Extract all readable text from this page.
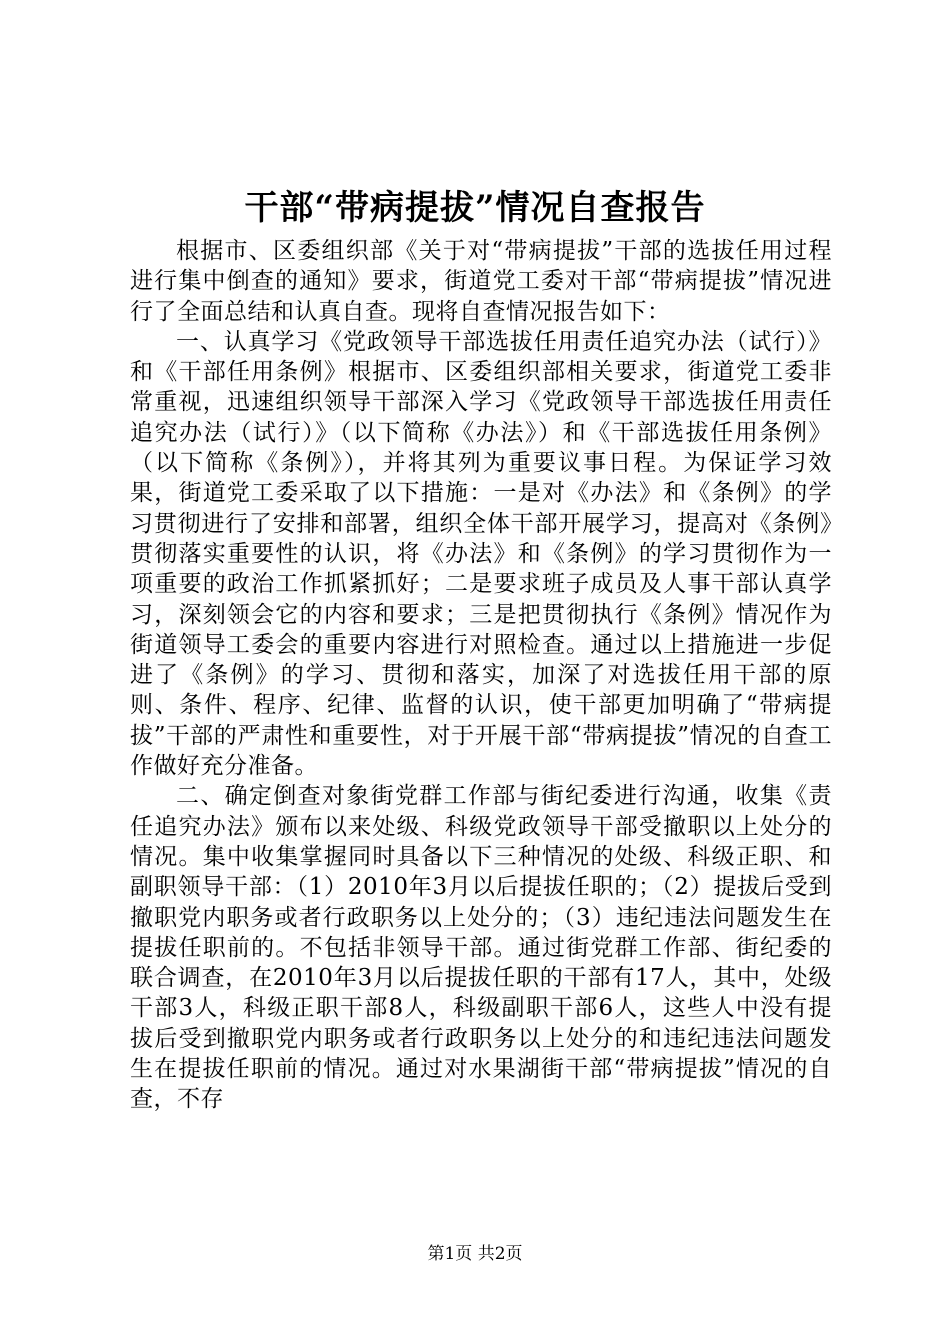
干部“带病提拔”情况自查报告

根据市、区委组织部《关于对“带病提拔”干部的选拔任用过程进行集中倒查的通知》要求，街道党工委对干部“带病提拔”情况进行了全面总结和认真自查。现将自查情况报告如下：

一、认真学习《党政领导干部选拔任用责任追究办法（试行）》和《干部任用条例》根据市、区委组织部相关要求，街道党工委非常重视，迅速组织领导干部深入学习《党政领导干部选拔任用责任追究办法（试行）》（以下简称《办法》）和《干部选拔任用条例》（以下简称《条例》），并将其列为重要议事日程。为保证学习效果，街道党工委采取了以下措施：一是对《办法》和《条例》的学习贯彻进行了安排和部署，组织全体干部开展学习，提高对《条例》贯彻落实重要性的认识，将《办法》和《条例》的学习贯彻作为一项重要的政治工作抓紧抓好；二是要求班子成员及人事干部认真学习，深刻领会它的内容和要求；三是把贯彻执行《条例》情况作为街道领导工委会的重要内容进行对照检查。通过以上措施进一步促进了《条例》的学习、贯彻和落实，加深了对选拔任用干部的原则、条件、程序、纪律、监督的认识，使干部更加明确了“带病提拔”干部的严肃性和重要性，对于开展干部“带病提拔”情况的自查工作做好充分准备。

二、确定倒查对象街党群工作部与街纪委进行沟通，收集《责任追究办法》颁布以来处级、科级党政领导干部受撤职以上处分的情况。集中收集掌握同时具备以下三种情况的处级、科级正职、和副职领导干部：（1）2010年3月以后提拔任职的；（2）提拔后受到撤职党内职务或者行政职务以上处分的；（3）违纪违法问题发生在提拔任职前的。不包括非领导干部。通过街党群工作部、街纪委的联合调查，在2010年3月以后提拔任职的干部有17人，其中，处级干部3人，科级正职干部8人，科级副职干部6人，这些人中没有提拔后受到撤职党内职务或者行政职务以上处分的和违纪违法问题发生在提拔任职前的情况。通过对水果湖街干部“带病提拔”情况的自查，不存

第1页 共2页
